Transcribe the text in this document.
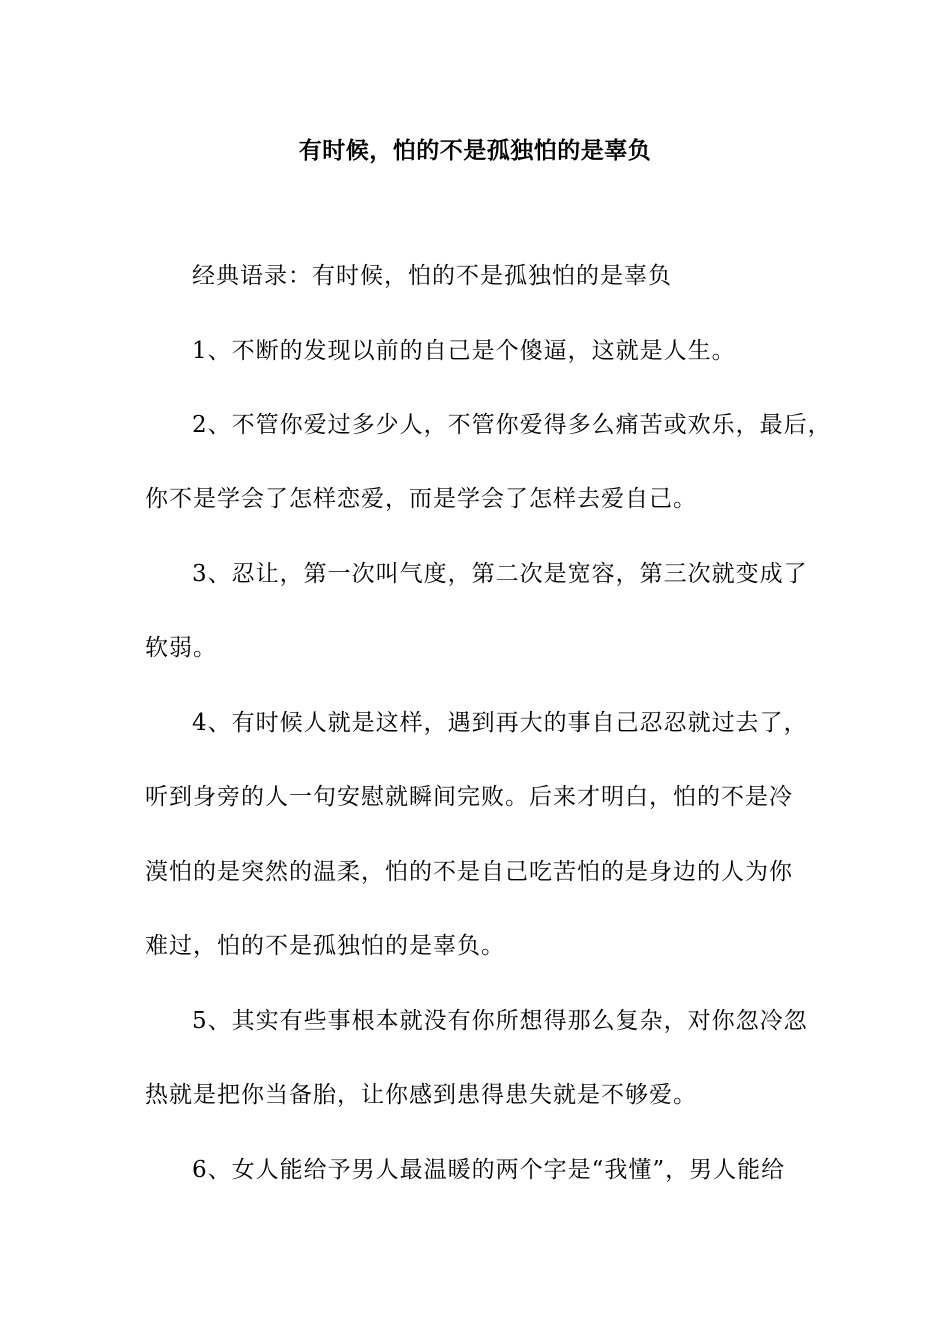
有时候，怕的不是孤独怕的是辜负
经典语录：有时候，怕的不是孤独怕的是辜负
1、不断的发现以前的自己是个傻逼，这就是人生。
2、不管你爱过多少人，不管你爱得多么痛苦或欢乐，最后，
你不是学会了怎样恋爱，而是学会了怎样去爱自己。
3、忍让，第一次叫气度，第二次是宽容，第三次就变成了
软弱。
4、有时候人就是这样，遇到再大的事自己忍忍就过去了，
听到身旁的人一句安慰就瞬间完败。后来才明白，怕的不是冷
漠怕的是突然的温柔，怕的不是自己吃苦怕的是身边的人为你
难过，怕的不是孤独怕的是辜负。
5、其实有些事根本就没有你所想得那么复杂，对你忽冷忽
热就是把你当备胎，让你感到患得患失就是不够爱。
6、女人能给予男人最温暖的两个字是“我懂”，男人能给
